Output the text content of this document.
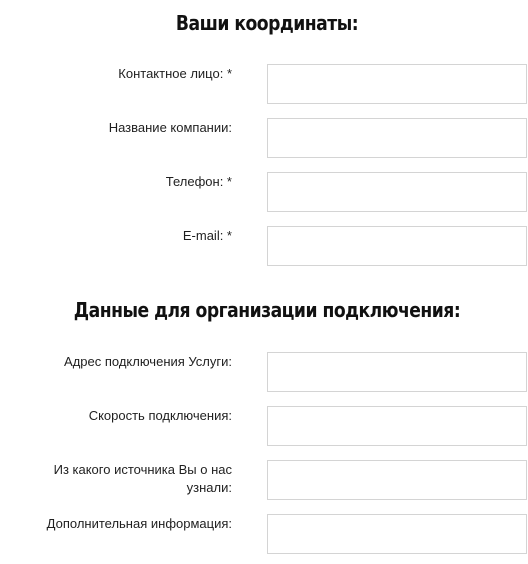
Ваши координаты:
Контактное лицо: *
Название компании:
Телефон: *
E-mail: *
Данные для организации подключения:
Адрес подключения Услуги:
Скорость подключения:
Из какого источника Вы о нас узнали:
Дополнительная информация:
